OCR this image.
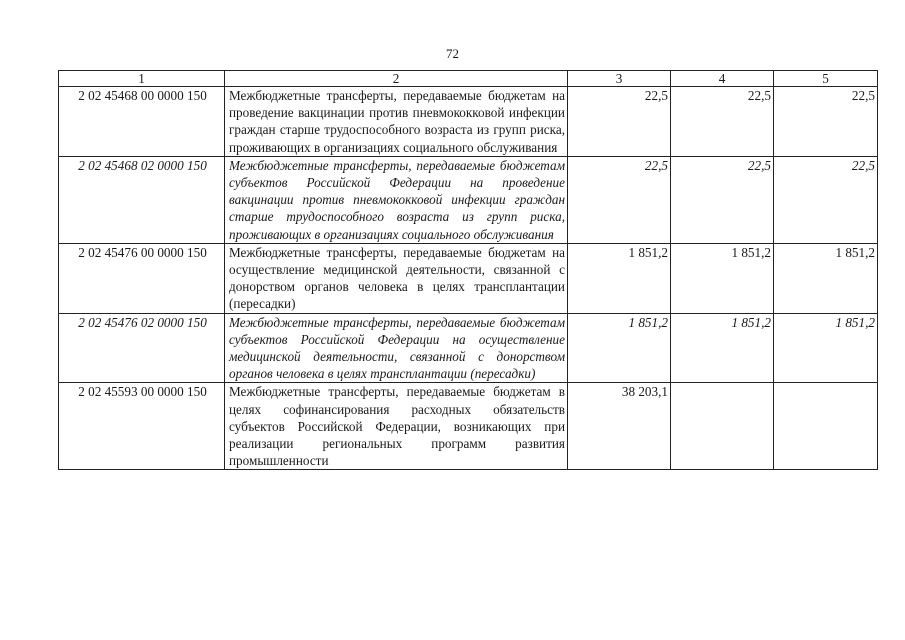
72
1	2	3	4	5
2 02 45468 00 0000 150	Межбюджетные трансферты, передаваемые бюджетам на проведение вакцинации против пневмококковой инфекции граждан старше трудоспособного возраста из групп риска, проживающих в организациях социального обслуживания	22,5	22,5	22,5
2 02 45468 02 0000 150	Межбюджетные трансферты, передаваемые бюджетам субъектов Российской Федерации на проведение вакцинации против пневмококковой инфекции граждан старше трудоспособного возраста из групп риска, проживающих в организациях социального обслуживания	22,5	22,5	22,5
2 02 45476 00 0000 150	Межбюджетные трансферты, передаваемые бюджетам на осуществление медицинской деятельности, связанной с донорством органов человека в целях трансплантации (пересадки)	1 851,2	1 851,2	1 851,2
2 02 45476 02 0000 150	Межбюджетные трансферты, передаваемые бюджетам субъектов Российской Федерации на осуществление медицинской деятельности, связанной с донорством органов человека в целях трансплантации (пересадки)	1 851,2	1 851,2	1 851,2
2 02 45593 00 0000 150	Межбюджетные трансферты, передаваемые бюджетам в целях софинансирования расходных обязательств субъектов Российской Федерации, возникающих при реализации региональных программ развития промышленности	38 203,1		
